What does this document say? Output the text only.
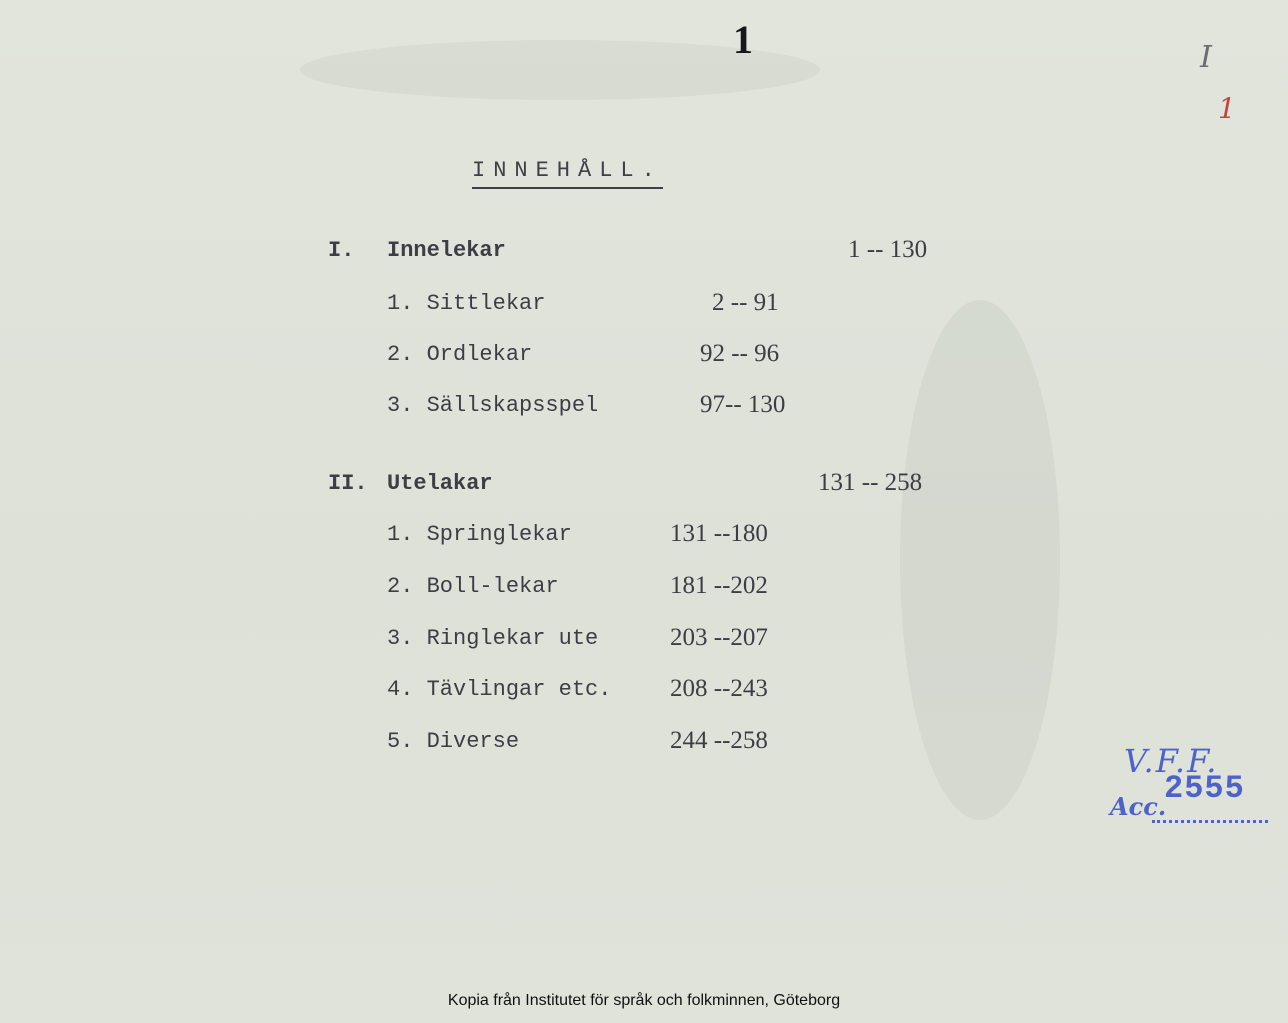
1	I
1
INNEHÅLL.
I. Innelekar	1 -- 130
1. Sittlekar	2 -- 91
2. Ordlekar	92 -- 96
3. Sällskapsspel	97-- 130
II. Utelakar	131 -- 258
1. Springlekar	131 --180
2. Boll-lekar	181 --202
3. Ringlekar ute	203 --207
4. Tävlingar etc. 208 --243
5. Diverse	244 --258
V.F.F.
2555
Acc.
Kopia från Institutet för språk och folkminnen, Göteborg
